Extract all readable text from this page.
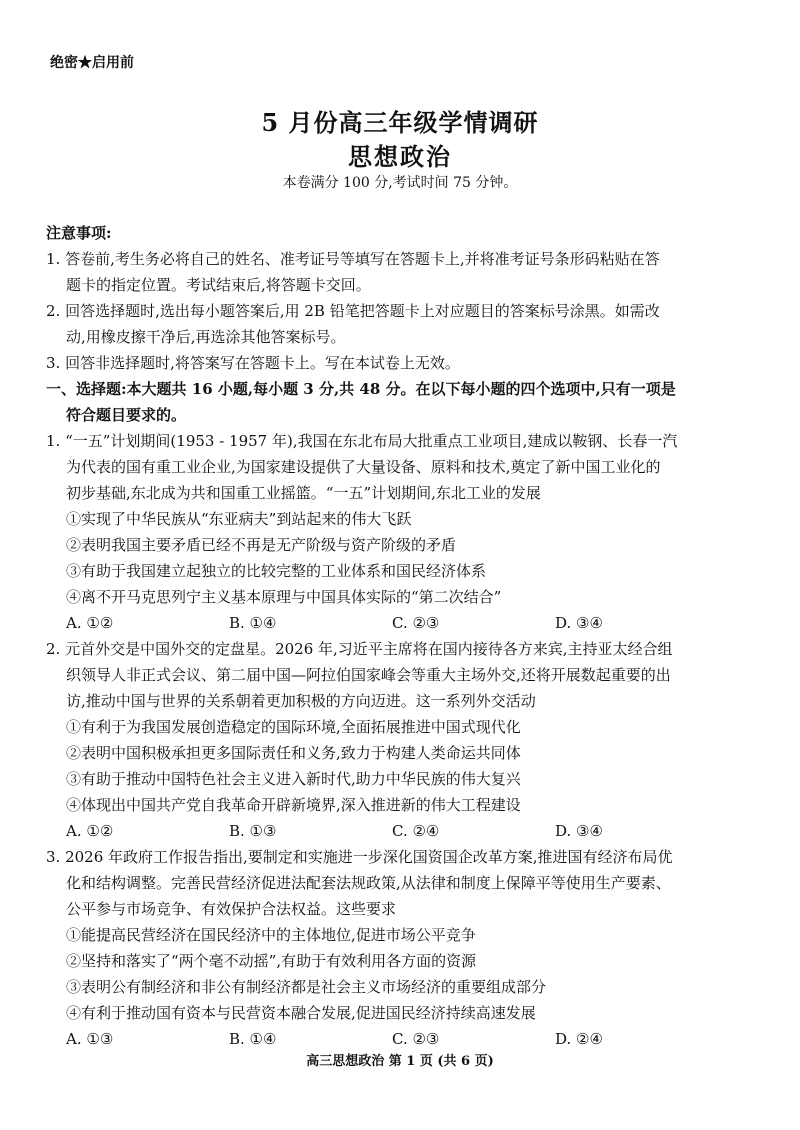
绝密★启用前
5 月份高三年级学情调研
思想政治
本卷满分 100 分,考试时间 75 分钟。
注意事项:
1. 答卷前,考生务必将自己的姓名、准考证号等填写在答题卡上,并将准考证号条形码粘贴在答
题卡的指定位置。考试结束后,将答题卡交回。
2. 回答选择题时,选出每小题答案后,用 2B 铅笔把答题卡上对应题目的答案标号涂黑。如需改
动,用橡皮擦干净后,再选涂其他答案标号。
3. 回答非选择题时,将答案写在答题卡上。写在本试卷上无效。
一、选择题:本大题共 16 小题,每小题 3 分,共 48 分。在以下每小题的四个选项中,只有一项是
符合题目要求的。
1. “一五”计划期间(1953 - 1957 年),我国在东北布局大批重点工业项目,建成以鞍钢、长春一汽
为代表的国有重工业企业,为国家建设提供了大量设备、原料和技术,奠定了新中国工业化的
初步基础,东北成为共和国重工业摇篮。“一五”计划期间,东北工业的发展
①实现了中华民族从“东亚病夫”到站起来的伟大飞跃
②表明我国主要矛盾已经不再是无产阶级与资产阶级的矛盾
③有助于我国建立起独立的比较完整的工业体系和国民经济体系
④离不开马克思列宁主义基本原理与中国具体实际的“第二次结合”
A. ①②	B. ①④	C. ②③	D. ③④
2. 元首外交是中国外交的定盘星。2026 年,习近平主席将在国内接待各方来宾,主持亚太经合组
织领导人非正式会议、第二届中国—阿拉伯国家峰会等重大主场外交,还将开展数起重要的出
访,推动中国与世界的关系朝着更加积极的方向迈进。这一系列外交活动
①有利于为我国发展创造稳定的国际环境,全面拓展推进中国式现代化
②表明中国积极承担更多国际责任和义务,致力于构建人类命运共同体
③有助于推动中国特色社会主义进入新时代,助力中华民族的伟大复兴
④体现出中国共产党自我革命开辟新境界,深入推进新的伟大工程建设
A. ①②	B. ①③	C. ②④	D. ③④
3. 2026 年政府工作报告指出,要制定和实施进一步深化国资国企改革方案,推进国有经济布局优
化和结构调整。完善民营经济促进法配套法规政策,从法律和制度上保障平等使用生产要素、
公平参与市场竞争、有效保护合法权益。这些要求
①能提高民营经济在国民经济中的主体地位,促进市场公平竞争
②坚持和落实了“两个毫不动摇”,有助于有效利用各方面的资源
③表明公有制经济和非公有制经济都是社会主义市场经济的重要组成部分
④有利于推动国有资本与民营资本融合发展,促进国民经济持续高速发展
A. ①③	B. ①④	C. ②③	D. ②④
高三思想政治 第 1 页 (共 6 页)
